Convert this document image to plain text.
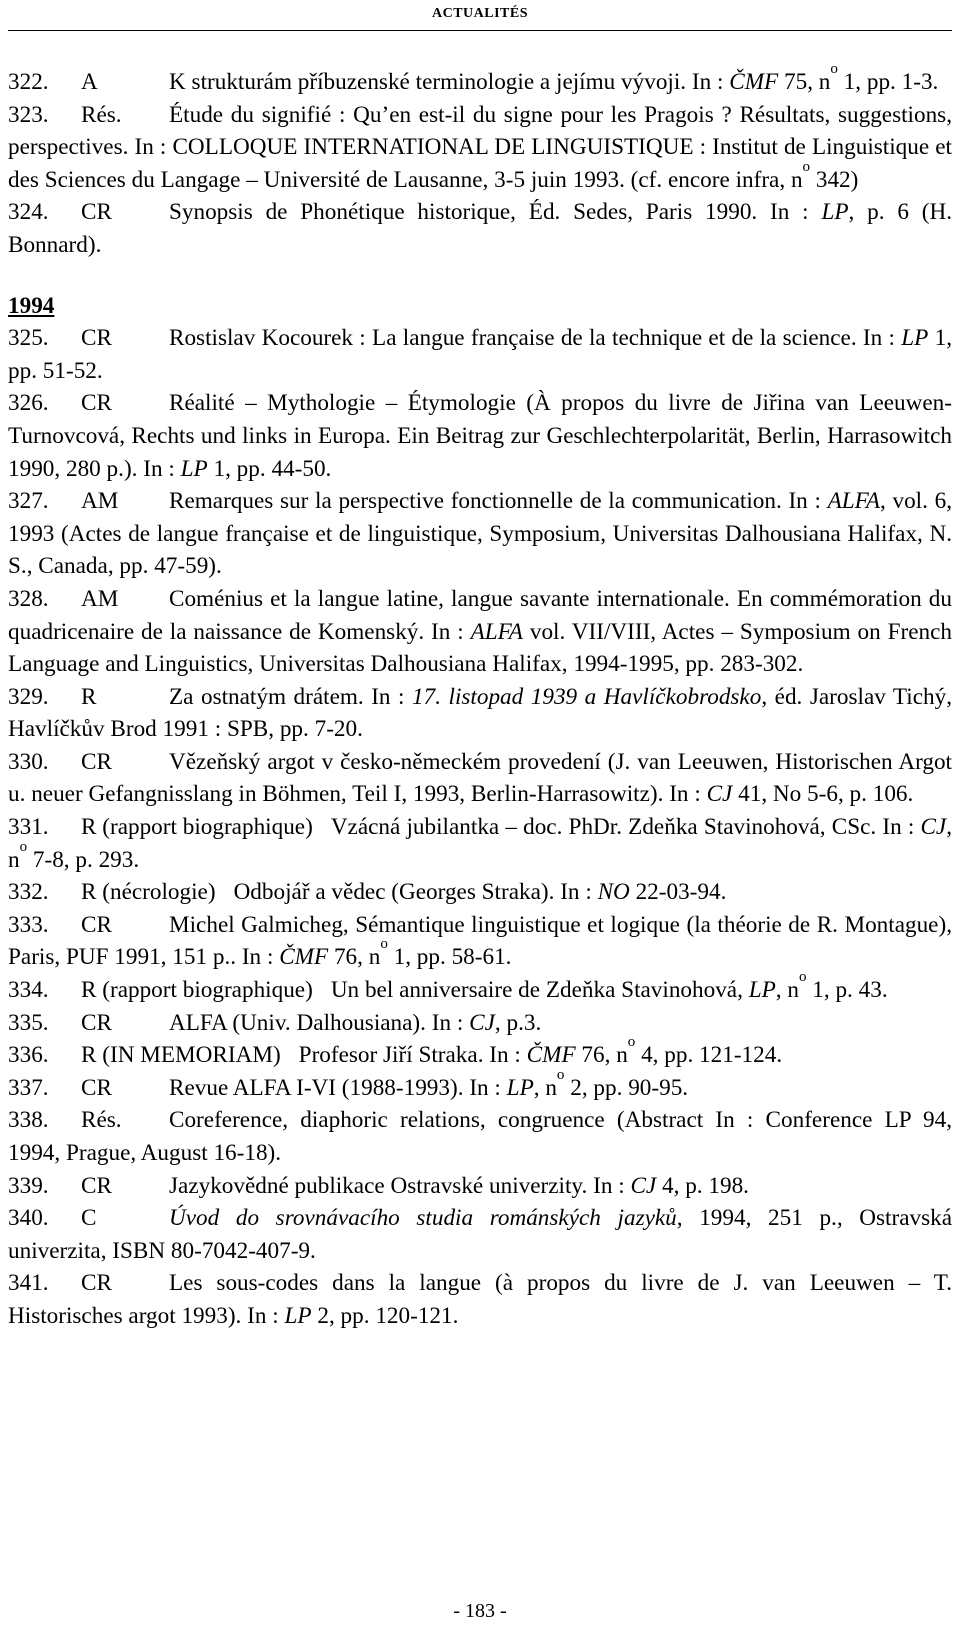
ACTUALITÉS

322. A	K strukturám příbuzenské terminologie a jejímu vývoji. In : ČMF 75, $n^o$ 1, pp. 1-3.

323. Rés. Étude du signifié : Qu’en est-il du signe pour les Pragois ? Résultats, suggestions, perspectives. In : COLLOQUE INTERNATIONAL DE LINGUISTIQUE : Institut de Linguistique et des Sciences du Langage – Université de Lausanne, 3-5 juin 1993. (cf. encore infra, $n^o$ 342)

324. CR Synopsis de Phonétique historique, Éd. Sedes, Paris 1990. In : LP, p. 6 (H. Bonnard).

1994

325. CR Rostislav Kocourek : La langue française de la technique et de la science. In : LP 1, pp. 51-52.

326. CR Réalité – Mythologie – Étymologie (À propos du livre de Jiřina van Leeuwen- Turnovcová, Rechts und links in Europa. Ein Beitrag zur Geschlechterpolarität, Berlin, Harrasowitch 1990, 280 p.). In : LP 1, pp. 44-50.

327. AM Remarques sur la perspective fonctionnelle de la communication. In : ALFA, vol. 6, 1993 (Actes de langue française et de linguistique, Symposium, Universitas Dalhousiana Halifax, N. S., Canada, pp. 47-59).

328. AM Coménius et la langue latine, langue savante internationale. En commémoration du quadricenaire de la naissance de Komenský. In : ALFA vol. VII/VIII, Actes – Symposium on French Language and Linguistics, Universitas Dalhousiana Halifax, 1994-1995, pp. 283-302.

329. R	Za ostnatým drátem. In : 17. listopad 1939 a Havlíčkobrodsko, éd. Jaroslav Tichý, Havlíčkův Brod 1991 : SPB, pp. 7-20.

330. CR Vězeňský argot v česko-německém provedení (J. van Leeuwen, Historischen Argot u. neuer Gefangnisslang in Böhmen, Teil I, 1993, Berlin-Harrasowitz). In : CJ 41, No 5-6, p. 106.

331. R (rapport biographique) Vzácná jubilantka – doc. PhDr. Zdeňka Stavinohová, CSc. In : CJ, $n^o$ 7-8, p. 293.

332. R (nécrologie) Odbojář a vědec (Georges Straka). In : NO 22-03-94.

333. CR Michel Galmicheg, Sémantique linguistique et logique (la théorie de R. Montague), Paris, PUF 1991, 151 p.. In : ČMF 76, $n^o$ 1, pp. 58-61.

334. R (rapport biographique) Un bel anniversaire de Zdeňka Stavinohová, LP, $n^o$ 1, p. 43.

335. CR ALFA (Univ. Dalhousiana). In : CJ, p.3.

336. R (IN MEMORIAM) Profesor Jiří Straka. In : ČMF 76, $n^o$ 4, pp. 121-124.

337. CR Revue ALFA I-VI (1988-1993). In : LP, $n^o$ 2, pp. 90-95.

338. Rés. Coreference, diaphoric relations, congruence (Abstract In : Conference LP 94, 1994, Prague, August 16-18).

339. CR Jazykovědné publikace Ostravské univerzity. In : CJ 4, p. 198.

340. C	Úvod do srovnávacího studia románských jazyků, 1994, 251 p., Ostravská univerzita, ISBN 80-7042-407-9.

341. CR Les sous-codes dans la langue (à propos du livre de J. van Leeuwen – T. Historisches argot 1993). In : LP 2, pp. 120-121.

- 183 -
